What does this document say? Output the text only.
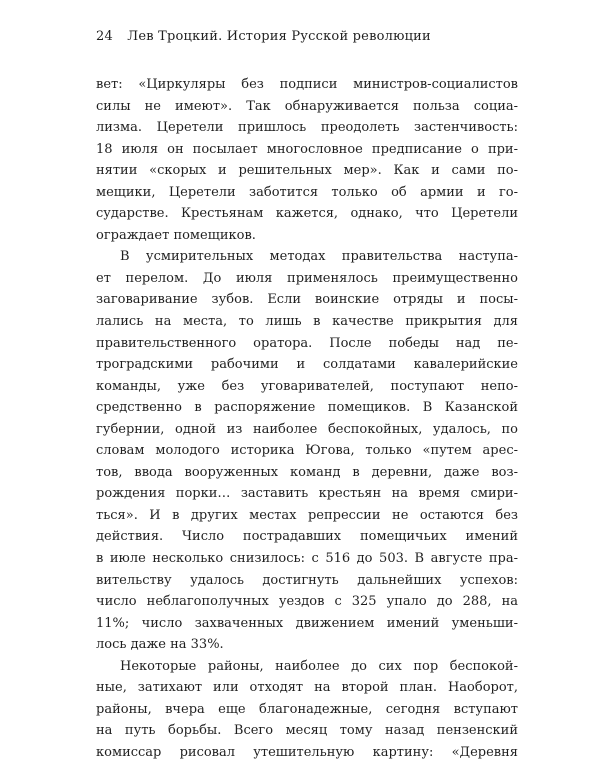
24 Лев Троцкий. История Русской революции
вет: «Циркуляры без подписи министров-социалистов
силы не имеют». Так обнаруживается польза социа-
лизма. Церетели пришлось преодолеть застенчивость:
18 июля он посылает многословное предписание о при-
нятии «скорых и решительных мер». Как и сами по-
мещики, Церетели заботится только об армии и го-
сударстве. Крестьянам кажется, однако, что Церетели
ограждает помещиков.
В усмирительных методах правительства наступа-
ет перелом. До июля применялось преимущественно
заговаривание зубов. Если воинские отряды и посы-
лались на места, то лишь в качестве прикрытия для
правительственного оратора. После победы над пе-
троградскими рабочими и солдатами кавалерийские
команды, уже без уговаривателей, поступают непо-
средственно в распоряжение помещиков. В Казанской
губернии, одной из наиболее беспокойных, удалось, по
словам молодого историка Югова, только «путем арес-
тов, ввода вооруженных команд в деревни, даже воз-
рождения порки… заставить крестьян на время смири-
ться». И в других местах репрессии не остаются без
действия. Число пострадавших помещичьих имений
в июле несколько снизилось: с 516 до 503. В августе пра-
вительству удалось достигнуть дальнейших успехов:
число неблагополучных уездов с 325 упало до 288, на
11%; число захваченных движением имений уменьши-
лось даже на 33%.
Некоторые районы, наиболее до сих пор беспокой-
ные, затихают или отходят на второй план. Наоборот,
районы, вчера еще благонадежные, сегодня вступают
на путь борьбы. Всего месяц тому назад пензенский
комиссар рисовал утешительную картину: «Деревня
